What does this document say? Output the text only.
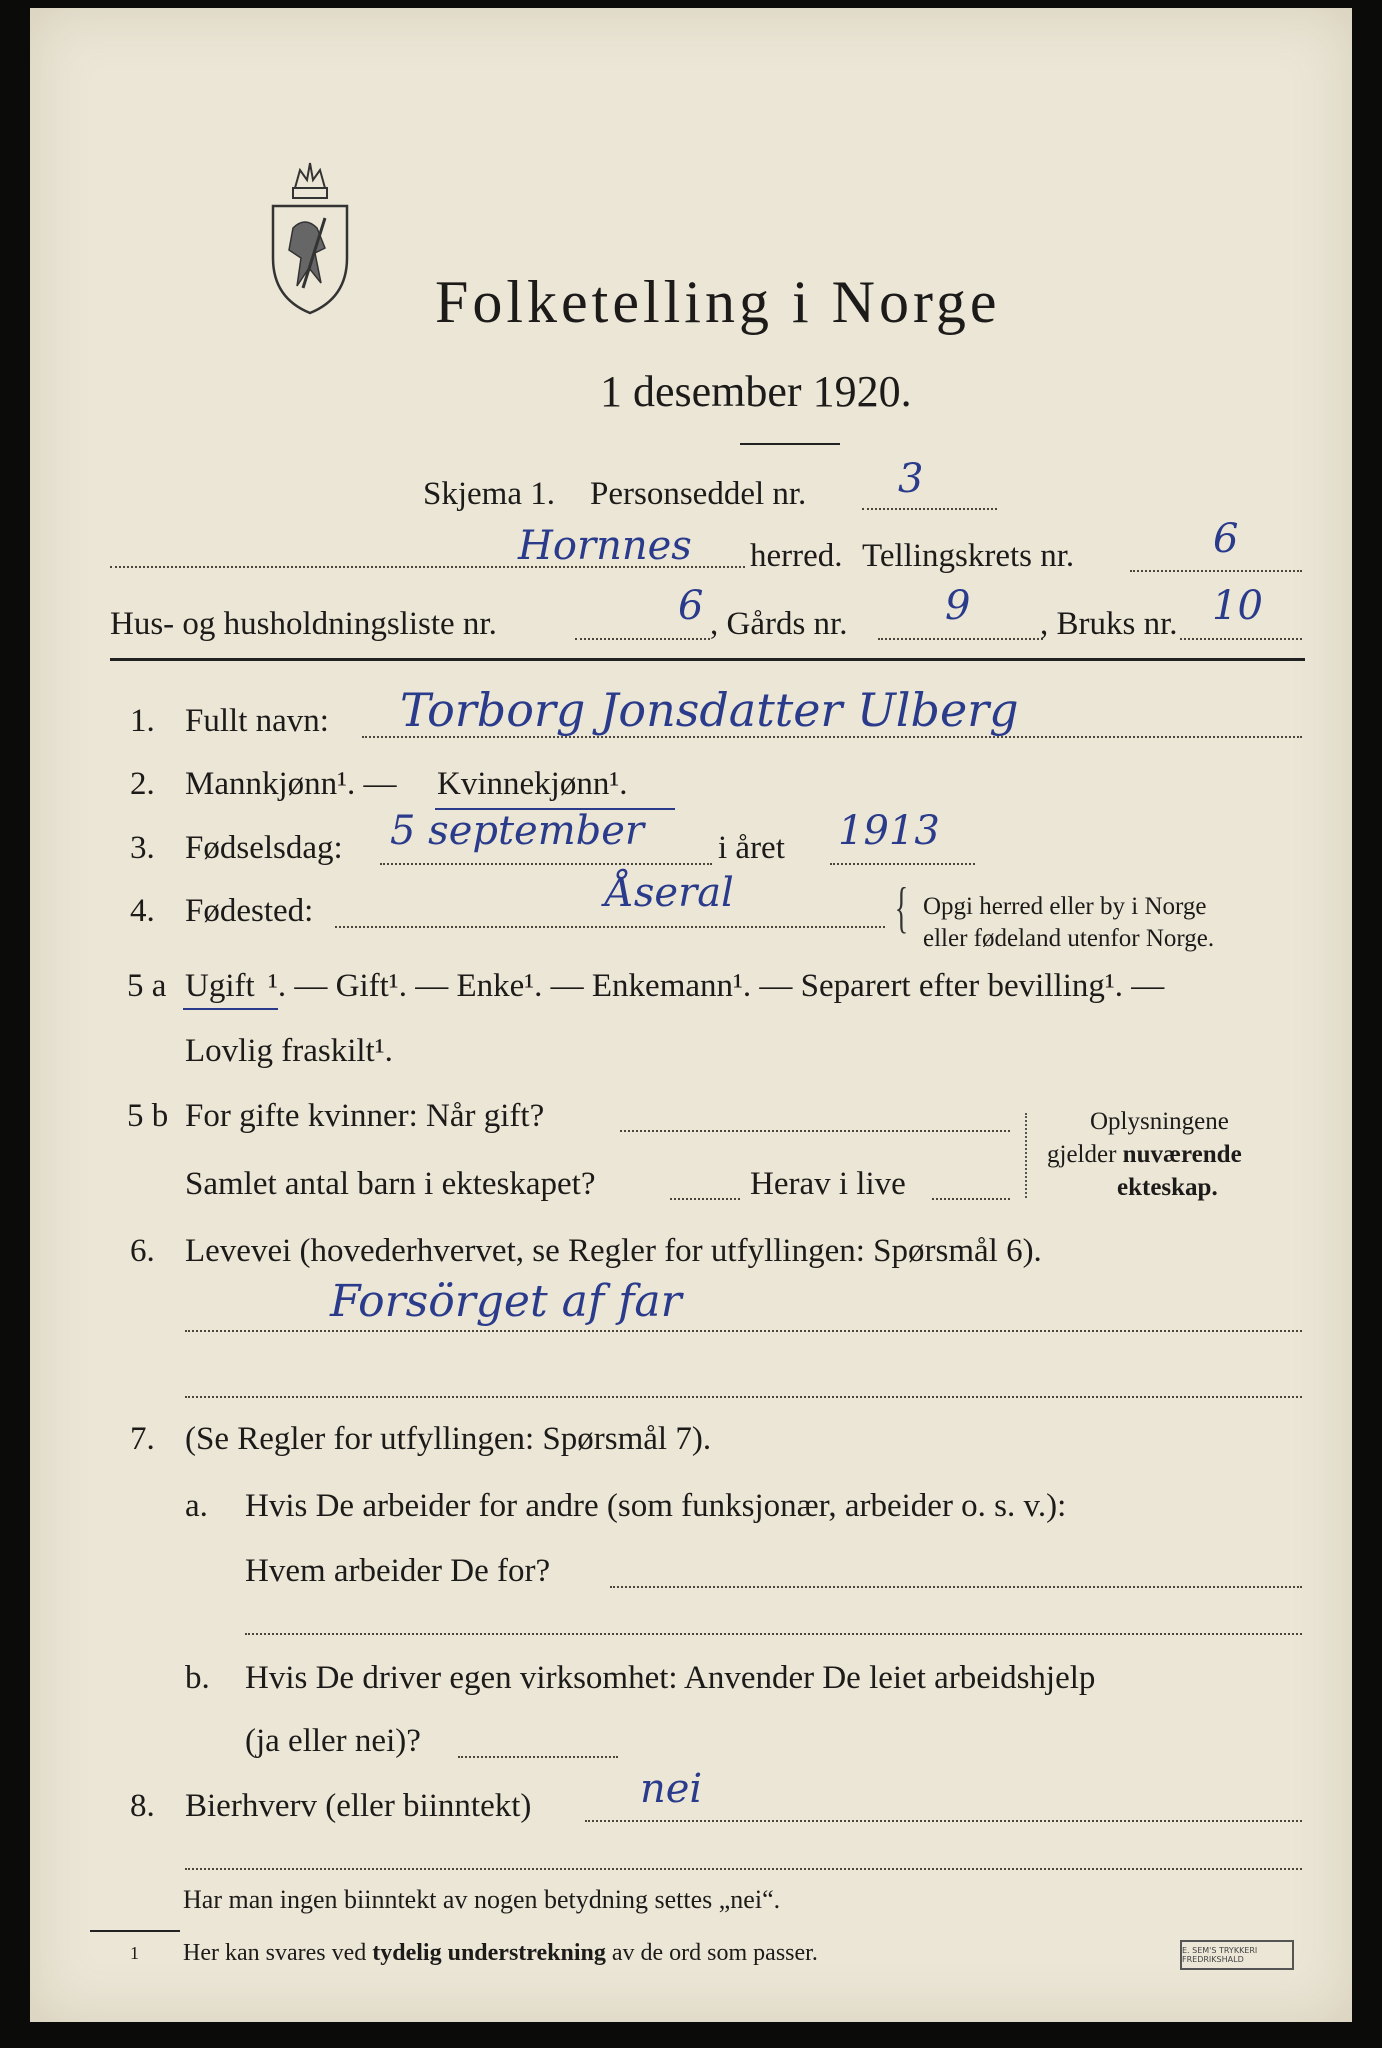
Folketelling i Norge
1 desember 1920.
Skjema 1. Personseddel nr. 3
Hornnes herred. Tellingskrets nr.	6
Hus- og husholdningsliste nr.	6 , Gårds nr. 9 , Bruks nr. 10
1. Fullt navn: Torborg Jonsdatter Ulberg
2. Mannkjønn¹. — Kvinnekjønn¹.
3. Fødselsdag: 5 september i året 1913
4. Fødested:	Åseral	{ Opgi herred eller by i Norge
eller fødeland utenfor Norge.
5 a Ugift ¹. — Gift¹. — Enke¹. — Enkemann¹. — Separert efter bevilling¹. —
Lovlig fraskilt¹.
5 b For gifte kvinner: Når gift?
Samlet antal barn i ekteskapet?	Herav i live
Oplysningene
gjelder nuværende
ekteskap.
6. Levevei (hovederhvervet, se Regler for utfyllingen: Spørsmål 6).
Forsörget af far
7. (Se Regler for utfyllingen: Spørsmål 7).
a. Hvis De arbeider for andre (som funksjonær, arbeider o. s. v.):
Hvem arbeider De for?
b. Hvis De driver egen virksomhet: Anvender De leiet arbeidshjelp
(ja eller nei)?
8. Bierhverv (eller biinntekt)	nei
Har man ingen biinntekt av nogen betydning settes „nei“.
1 Her kan svares ved tydelig understrekning av de ord som passer.	E. SEM'S TRYKKERI FREDRIKSHALD
